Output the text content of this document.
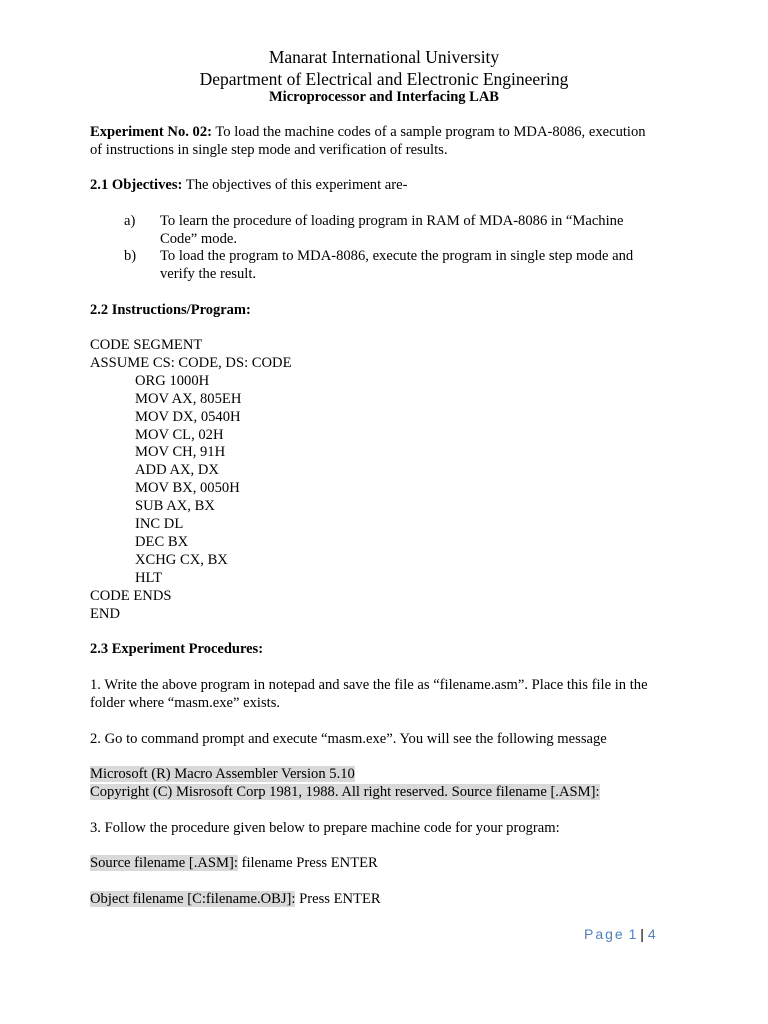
Manarat International University
Department of Electrical and Electronic Engineering
Microprocessor and Interfacing LAB
Experiment No. 02: To load the machine codes of a sample program to MDA-8086, execution
of instructions in single step mode and verification of results.
2.1 Objectives: The objectives of this experiment are-
a) To learn the procedure of loading program in RAM of MDA-8086 in “Machine
Code” mode.
b) To load the program to MDA-8086, execute the program in single step mode and
verify the result.
2.2 Instructions/Program:
CODE SEGMENT
ASSUME CS: CODE, DS: CODE
ORG 1000H
MOV AX, 805EH
MOV DX, 0540H
MOV CL, 02H
MOV CH, 91H
ADD AX, DX
MOV BX, 0050H
SUB AX, BX
INC DL
DEC BX
XCHG CX, BX
HLT
CODE ENDS
END
2.3 Experiment Procedures:
1. Write the above program in notepad and save the file as “filename.asm”. Place this file in the
folder where “masm.exe” exists.
2. Go to command prompt and execute “masm.exe”. You will see the following message
Microsoft (R) Macro Assembler Version 5.10
Copyright (C) Misrosoft Corp 1981, 1988. All right reserved. Source filename [.ASM]:
3. Follow the procedure given below to prepare machine code for your program:
Source filename [.ASM]: filename Press ENTER
Object filename [C:filename.OBJ]: Press ENTER
Page 1 | 4
